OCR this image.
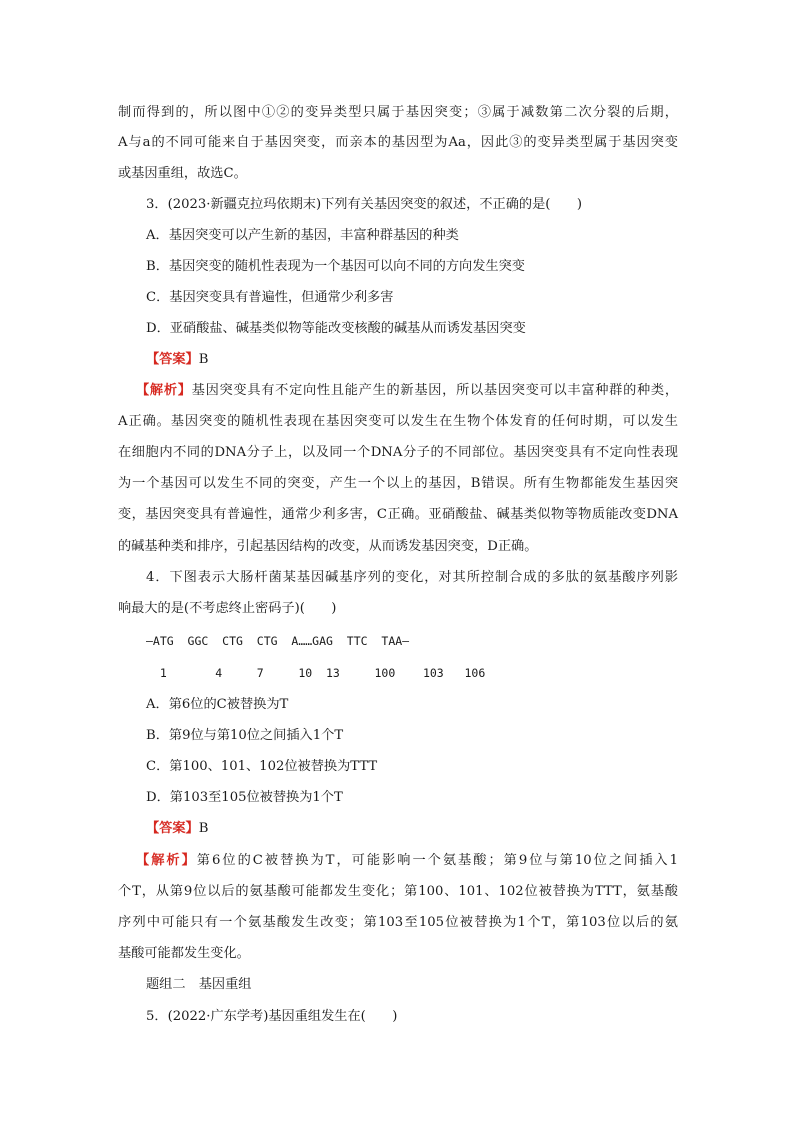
制而得到的，所以图中①②的变异类型只属于基因突变；③属于减数第二次分裂的后期，
A与a的不同可能来自于基因突变，而亲本的基因型为Aa，因此③的变异类型属于基因突变
或基因重组，故选C。
3．(2023·新疆克拉玛依期末)下列有关基因突变的叙述，不正确的是(　　)
A．基因突变可以产生新的基因，丰富种群基因的种类
B．基因突变的随机性表现为一个基因可以向不同的方向发生突变
C．基因突变具有普遍性，但通常少利多害
D．亚硝酸盐、碱基类似物等能改变核酸的碱基从而诱发基因突变
【答案】B
【解析】基因突变具有不定向性且能产生的新基因，所以基因突变可以丰富种群的种类，
A正确。基因突变的随机性表现在基因突变可以发生在生物个体发育的任何时期，可以发生
在细胞内不同的DNA分子上，以及同一个DNA分子的不同部位。基因突变具有不定向性表现
为一个基因可以发生不同的突变，产生一个以上的基因，B错误。所有生物都能发生基因突
变，基因突变具有普遍性，通常少利多害，C正确。亚硝酸盐、碱基类似物等物质能改变DNA
的碱基种类和排序，引起基因结构的改变，从而诱发基因突变，D正确。
4．下图表示大肠杆菌某基因碱基序列的变化，对其所控制合成的多肽的氨基酸序列影
响最大的是(不考虑终止密码子)(　　)
—ATG  GGC  CTG  CTG  A……GAG  TTC  TAA—
1       4     7     10  13     100    103   106
A．第6位的C被替换为T
B．第9位与第10位之间插入1个T
C．第100、101、102位被替换为TTT
D．第103至105位被替换为1个T
【答案】B
【解析】第6位的C被替换为T，可能影响一个氨基酸；第9位与第10位之间插入1
个T，从第9位以后的氨基酸可能都发生变化；第100、101、102位被替换为TTT，氨基酸
序列中可能只有一个氨基酸发生改变；第103至105位被替换为1个T，第103位以后的氨
基酸可能都发生变化。
题组二　基因重组
5．(2022·广东学考)基因重组发生在(　　)
